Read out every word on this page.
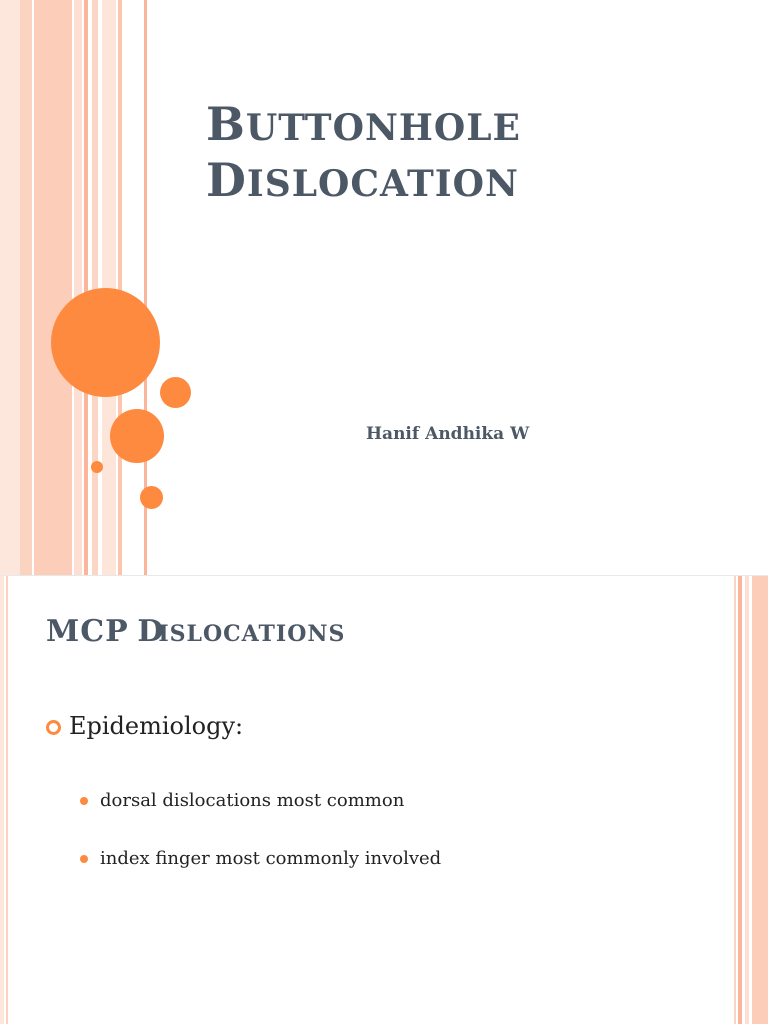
BUTTONHOLE
DISLOCATION
Hanif Andhika W
MCP DISLOCATIONS
Epidemiology:
dorsal dislocations most common
index finger most commonly involved
